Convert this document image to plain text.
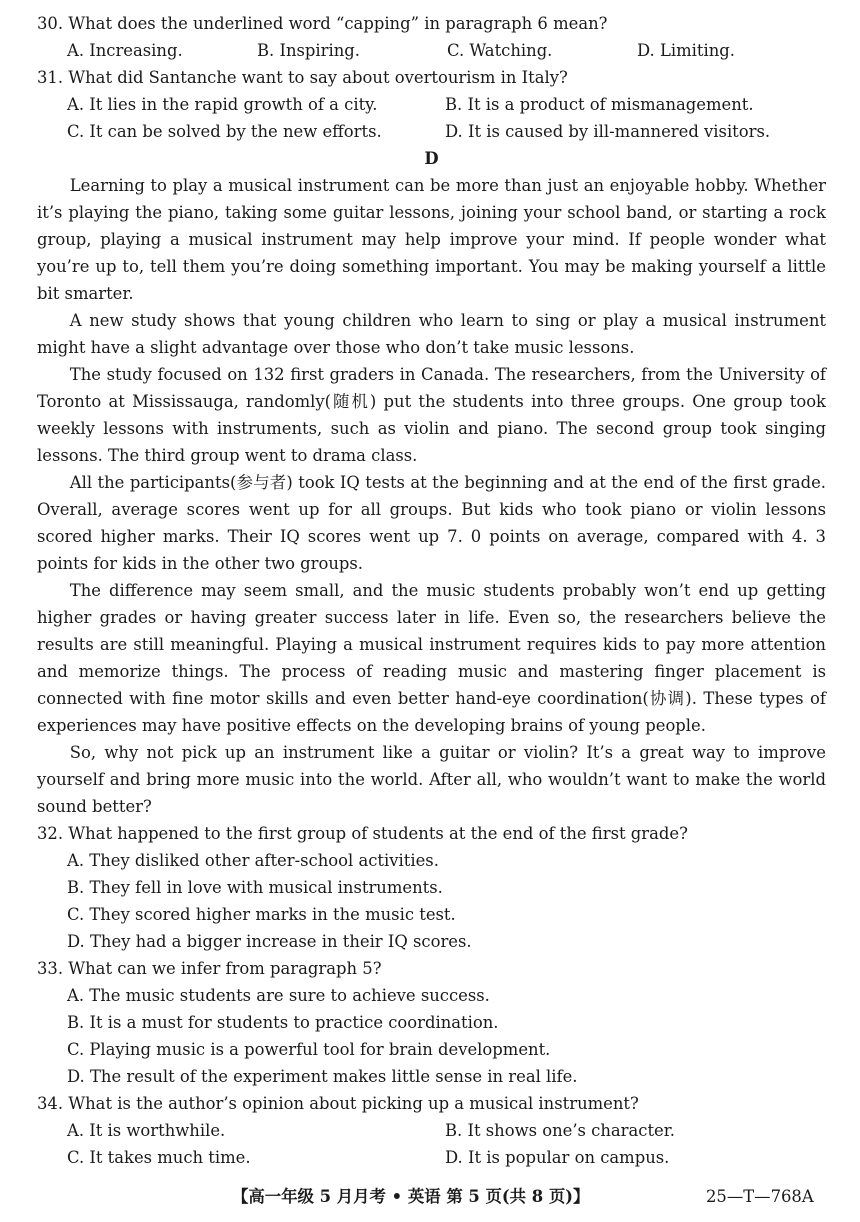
30. What does the underlined word “capping” in paragraph 6 mean?
A. Increasing.	B. Inspiring.	C. Watching.	D. Limiting.
31. What did Santanche want to say about overtourism in Italy?
A. It lies in the rapid growth of a city.	B. It is a product of mismanagement.
C. It can be solved by the new efforts.	D. It is caused by ill-mannered visitors.
D

Learning to play a musical instrument can be more than just an enjoyable hobby. Whether it’s playing the piano, taking some guitar lessons, joining your school band, or starting a rock group, playing a musical instrument may help improve your mind. If people wonder what you’re up to, tell them you’re doing something important. You may be making yourself a little bit smarter.

A new study shows that young children who learn to sing or play a musical instrument might have a slight advantage over those who don’t take music lessons.

The study focused on 132 first graders in Canada. The researchers, from the University of Toronto at Mississauga, randomly(随机) put the students into three groups. One group took weekly lessons with instruments, such as violin and piano. The second group took singing lessons. The third group went to drama class.

All the participants(参与者) took IQ tests at the beginning and at the end of the first grade. Overall, average scores went up for all groups. But kids who took piano or violin lessons scored higher marks. Their IQ scores went up 7. 0 points on average, compared with 4. 3 points for kids in the other two groups.

The difference may seem small, and the music students probably won’t end up getting higher grades or having greater success later in life. Even so, the researchers believe the results are still meaningful. Playing a musical instrument requires kids to pay more attention and memorize things. The process of reading music and mastering finger placement is connected with fine motor skills and even better hand-eye coordination(协调). These types of experiences may have positive effects on the developing brains of young people.

So, why not pick up an instrument like a guitar or violin? It’s a great way to improve yourself and bring more music into the world. After all, who wouldn’t want to make the world sound better?

32. What happened to the first group of students at the end of the first grade?
A. They disliked other after-school activities.
B. They fell in love with musical instruments.
C. They scored higher marks in the music test.
D. They had a bigger increase in their IQ scores.
33. What can we infer from paragraph 5?
A. The music students are sure to achieve success.
B. It is a must for students to practice coordination.
C. Playing music is a powerful tool for brain development.
D. The result of the experiment makes little sense in real life.
34. What is the author’s opinion about picking up a musical instrument?
A. It is worthwhile.	B. It shows one’s character.
C. It takes much time.	D. It is popular on campus.
【高一年级 5 月月考 • 英语 第 5 页(共 8 页)】	25—T—768A
